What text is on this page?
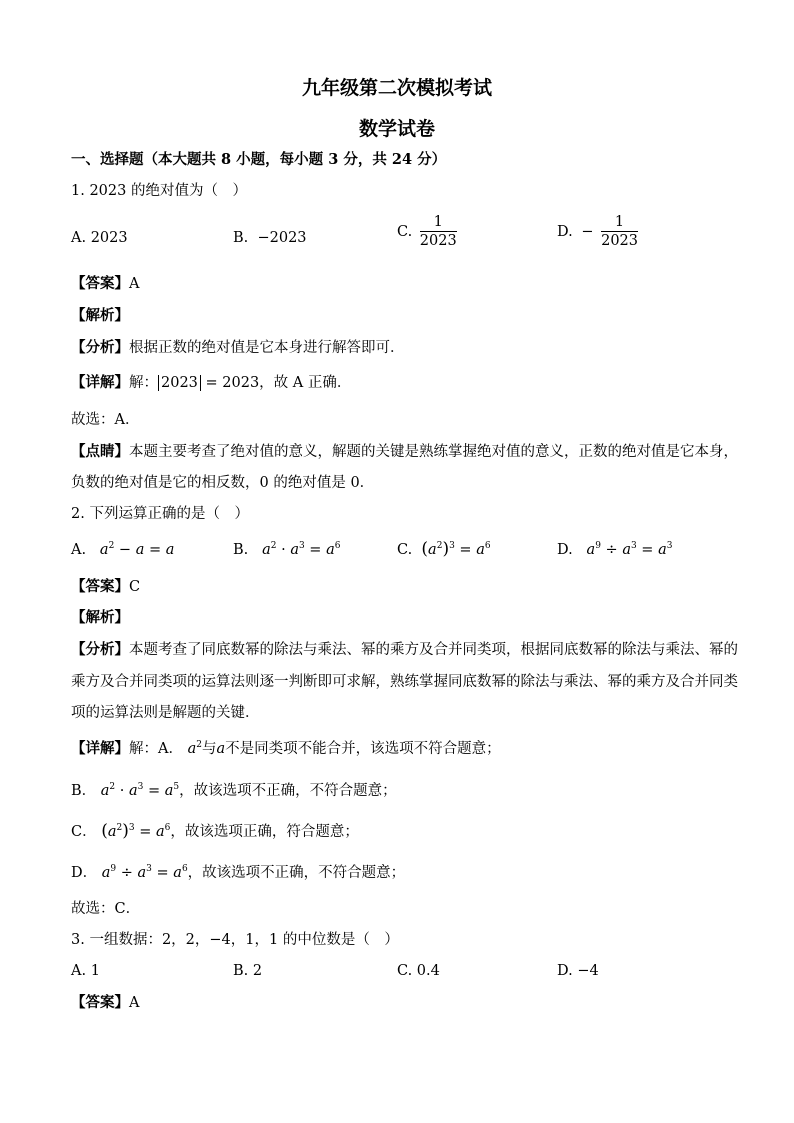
九年级第二次模拟考试
数学试卷
一、选择题（本大题共 8 小题，每小题 3 分，共 24 分）
1. 2023 的绝对值为（　）
A. 2023	B. −2023	C. $\frac{1}{2023}$	D. − $\frac{1}{2023}$
【答案】A
【解析】
【分析】根据正数的绝对值是它本身进行解答即可．
【详解】解： 2023 = 2023，故 A 正确．
故选：A．
【点睛】本题主要考查了绝对值的意义，解题的关键是熟练掌握绝对值的意义，正数的绝对值是它本身，
负数的绝对值是它的相反数，0 的绝对值是 0．
2. 下列运算正确的是（　）
A. $a^2 - a = a$	B. $a^2 \cdot a^3 = a^6$	C. $(a^2)^3 = a^6$	D. $a^9 \div a^3 = a^3$
【答案】C
【解析】
【分析】本题考查了同底数幂的除法与乘法、幂的乘方及合并同类项，根据同底数幂的除法与乘法、幂的
乘方及合并同类项的运算法则逐一判断即可求解，熟练掌握同底数幂的除法与乘法、幂的乘方及合并同类
项的运算法则是解题的关键．
【详解】解：A． $a^2$与a不是同类项不能合并，该选项不符合题意；
B． $a^2 \cdot a^3 = a^5$，故该选项不正确，不符合题意；
C． $(a^2)^3 = a^6$，故该选项正确，符合题意；
D． $a^9 \div a^3 = a^6$，故该选项不正确，不符合题意；
故选：C．
3. 一组数据：2，2，−4，1，1 的中位数是（　）
A. 1	B. 2	C. 0.4	D. −4
【答案】A
